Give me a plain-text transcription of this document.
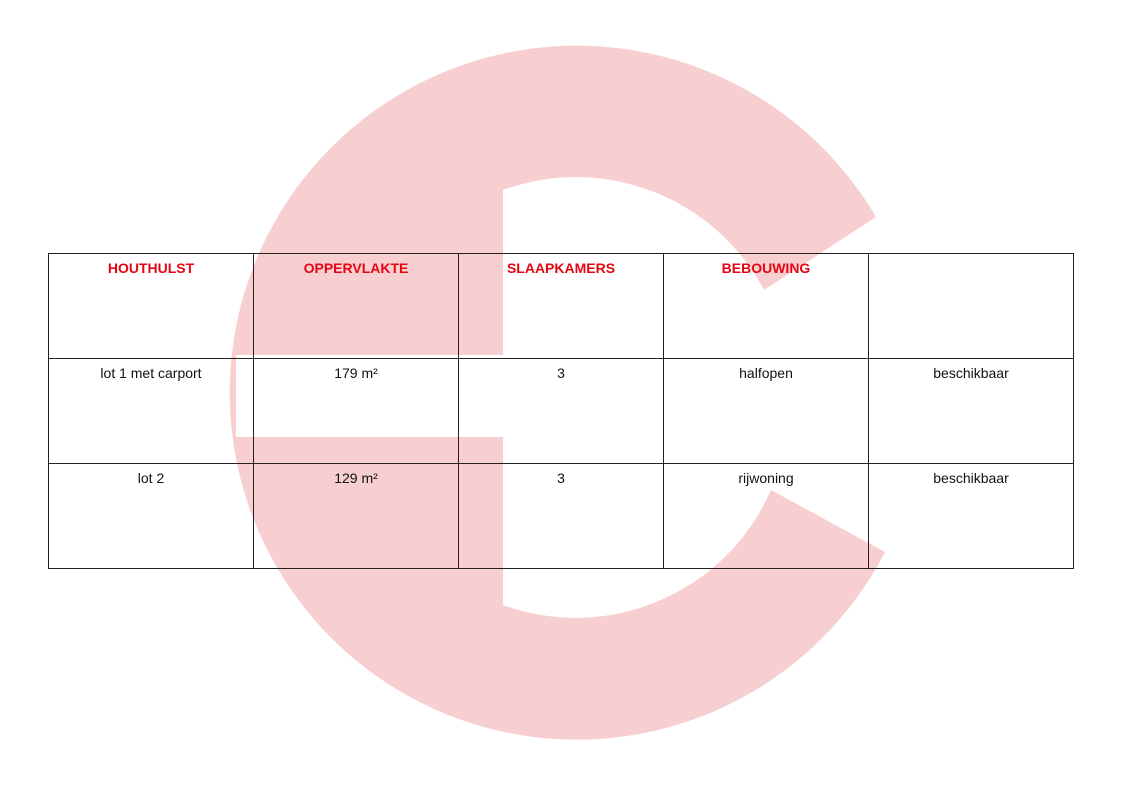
HOUTHULST	OPPERVLAKTE	SLAAPKAMERS	BEBOUWING	
lot 1 met carport	179 m²	3	halfopen	beschikbaar
lot 2	129 m²	3	rijwoning	beschikbaar
